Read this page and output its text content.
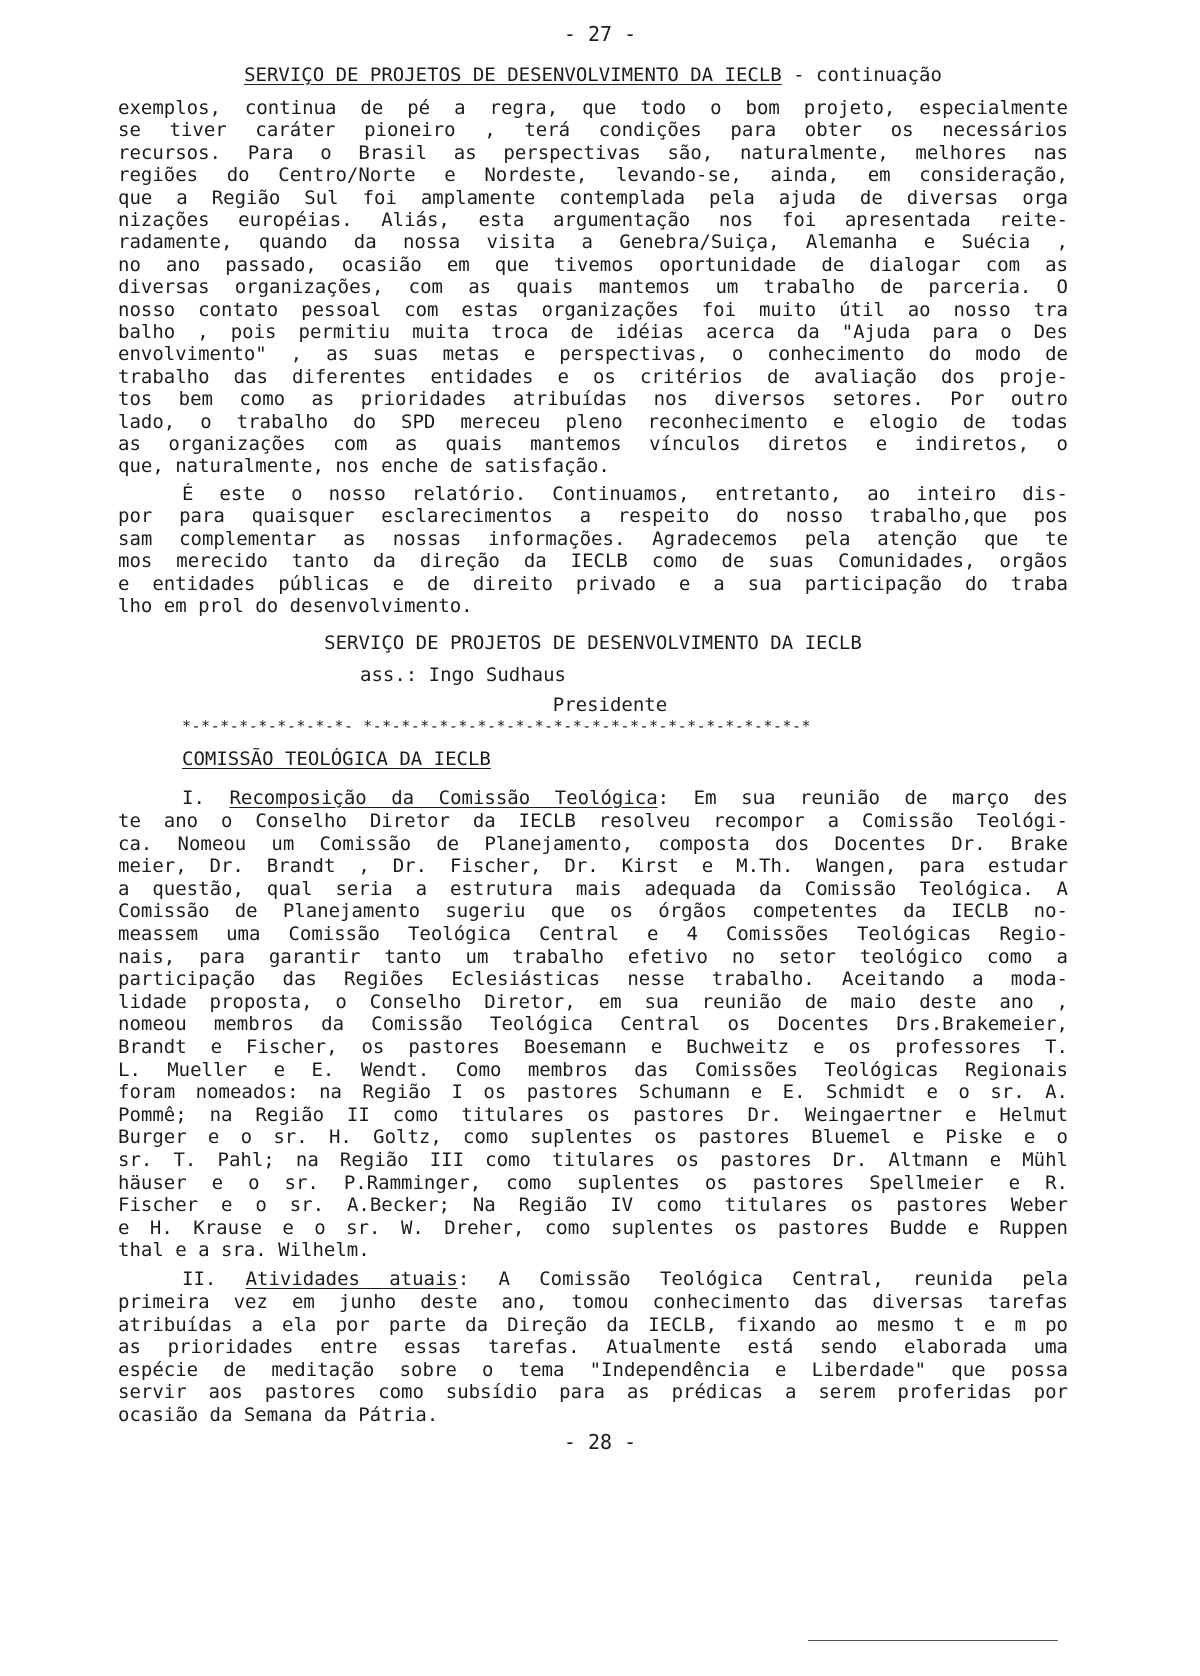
- 27 -
SERVIÇO DE PROJETOS DE DESENVOLVIMENTO DA IECLB - continuação
exemplos, continua de pé a regra, que todo o bom projeto, especialmente
se tiver caráter pioneiro , terá condições para obter os necessários
recursos. Para o Brasil as perspectivas são, naturalmente, melhores nas
regiões do Centro/Norte e Nordeste, levando-se, ainda, em consideração,
que a Região Sul foi amplamente contemplada pela ajuda de diversas orga
nizações européias. Aliás, esta argumentação nos foi apresentada reite-
radamente, quando da nossa visita a Genebra/Suiça, Alemanha e Suécia ,
no ano passado, ocasião em que tivemos oportunidade de dialogar com as
diversas organizações, com as quais mantemos um trabalho de parceria. O
nosso contato pessoal com estas organizações foi muito útil ao nosso tra
balho , pois permitiu muita troca de idéias acerca da "Ajuda para o Des
envolvimento" , as suas metas e perspectivas, o conhecimento do modo de
trabalho das diferentes entidades e os critérios de avaliação dos proje-
tos bem como as prioridades atribuídas nos diversos setores. Por outro
lado, o trabalho do SPD mereceu pleno reconhecimento e elogio de todas
as organizações com as quais mantemos vínculos diretos e indiretos, o
que, naturalmente, nos enche de satisfação.
É este o nosso relatório. Continuamos, entretanto, ao inteiro dis-
por para quaisquer esclarecimentos a respeito do nosso trabalho,que pos
sam complementar as nossas informações. Agradecemos pela atenção que te
mos merecido tanto da direção da IECLB como de suas Comunidades, orgãos
e entidades públicas e de direito privado e a sua participação do traba
lho em prol do desenvolvimento.
SERVIÇO DE PROJETOS DE DESENVOLVIMENTO DA IECLB
ass.: Ingo Sudhaus
Presidente
*-*-*-*-*-*-*-*-*- *-*-*-*-*-*-*-*-*-*-*-*-*-*-*-*-*-*-*-*-*-*-*-*
COMISSÃO TEOLÓGICA DA IECLB
I. Recomposição da Comissão Teológica: Em sua reunião de março des
te ano o Conselho Diretor da IECLB resolveu recompor a Comissão Teológi-
ca. Nomeou um Comissão de Planejamento, composta dos Docentes Dr. Brake
meier, Dr. Brandt , Dr. Fischer, Dr. Kirst e M.Th. Wangen, para estudar
a questão, qual seria a estrutura mais adequada da Comissão Teológica. A
Comissão de Planejamento sugeriu que os órgãos competentes da IECLB no-
meassem uma Comissão Teológica Central e 4 Comissões Teológicas Regio-
nais, para garantir tanto um trabalho efetivo no setor teológico como a
participação das Regiões Eclesiásticas nesse trabalho. Aceitando a moda-
lidade proposta, o Conselho Diretor, em sua reunião de maio deste ano ,
nomeou membros da Comissão Teológica Central os Docentes Drs.Brakemeier,
Brandt e Fischer, os pastores Boesemann e Buchweitz e os professores T.
L. Mueller e E. Wendt. Como membros das Comissões Teológicas Regionais
foram nomeados: na Região I os pastores Schumann e E. Schmidt e o sr. A.
Pommê; na Região II como titulares os pastores Dr. Weingaertner e Helmut
Burger e o sr. H. Goltz, como suplentes os pastores Bluemel e Piske e o
sr. T. Pahl; na Região III como titulares os pastores Dr. Altmann e Mühl
häuser e o sr. P.Ramminger, como suplentes os pastores Spellmeier e R.
Fischer e o sr. A.Becker; Na Região IV como titulares os pastores Weber
e H. Krause e o sr. W. Dreher, como suplentes os pastores Budde e Ruppen
thal e a sra. Wilhelm.
II. Atividades atuais: A Comissão Teológica Central, reunida pela
primeira vez em junho deste ano, tomou conhecimento das diversas tarefas
atribuídas a ela por parte da Direção da IECLB, fixando ao mesmo t e m po
as prioridades entre essas tarefas. Atualmente está sendo elaborada uma
espécie de meditação sobre o tema "Independência e Liberdade" que possa
servir aos pastores como subsídio para as prédicas a serem proferidas por
ocasião da Semana da Pátria.
- 28 -
